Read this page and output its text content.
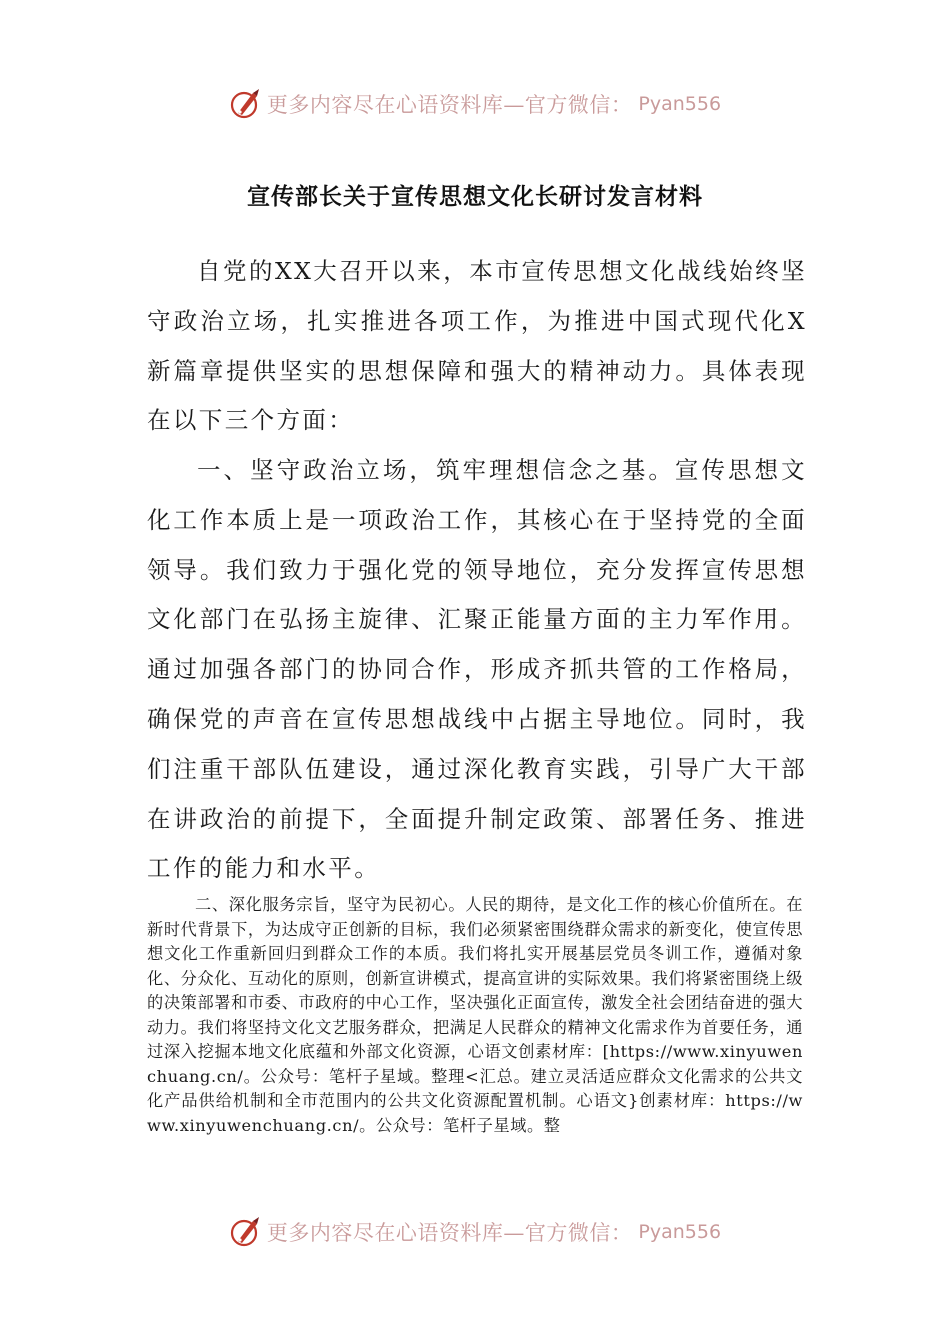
更多内容尽在心语资料库—官方微信： Pyan556
宣传部长关于宣传思想文化长研讨发言材料

自党的XX大召开以来，本市宣传思想文化战线始终坚守政治立场，扎实推进各项工作，为推进中国式现代化X新篇章提供坚实的思想保障和强大的精神动力。具体表现在以下三个方面：

一、坚守政治立场，筑牢理想信念之基。宣传思想文化工作本质上是一项政治工作，其核心在于坚持党的全面领导。我们致力于强化党的领导地位，充分发挥宣传思想文化部门在弘扬主旋律、汇聚正能量方面的主力军作用。通过加强各部门的协同合作，形成齐抓共管的工作格局，确保党的声音在宣传思想战线中占据主导地位。同时，我们注重干部队伍建设，通过深化教育实践，引导广大干部在讲政治的前提下，全面提升制定政策、部署任务、推进工作的能力和水平。

二、深化服务宗旨，坚守为民初心。人民的期待，是文化工作的核心价值所在。在新时代背景下，为达成守正创新的目标，我们必须紧密围绕群众需求的新变化，使宣传思想文化工作重新回归到群众工作的本质。我们将扎实开展基层党员冬训工作，遵循对象化、分众化、互动化的原则，创新宣讲模式，提高宣讲的实际效果。我们将紧密围绕上级的决策部署和市委、市政府的中心工作，坚决强化正面宣传，激发全社会团结奋进的强大动力。我们将坚持文化文艺服务群众，把满足人民群众的精神文化需求作为首要任务，通过深入挖掘本地文化底蕴和外部文化资源，心语文创素材库：[https://www.xinyuwenchuang.cn/。公众号：笔杆子星域。整理<汇总。建立灵活适应群众文化需求的公共文化产品供给机制和全市范围内的公共文化资源配置机制。心语文}创素材库：https://www.xinyuwenchuang.cn/。公众号：笔杆子星域。整

更多内容尽在心语资料库—官方微信： Pyan556
